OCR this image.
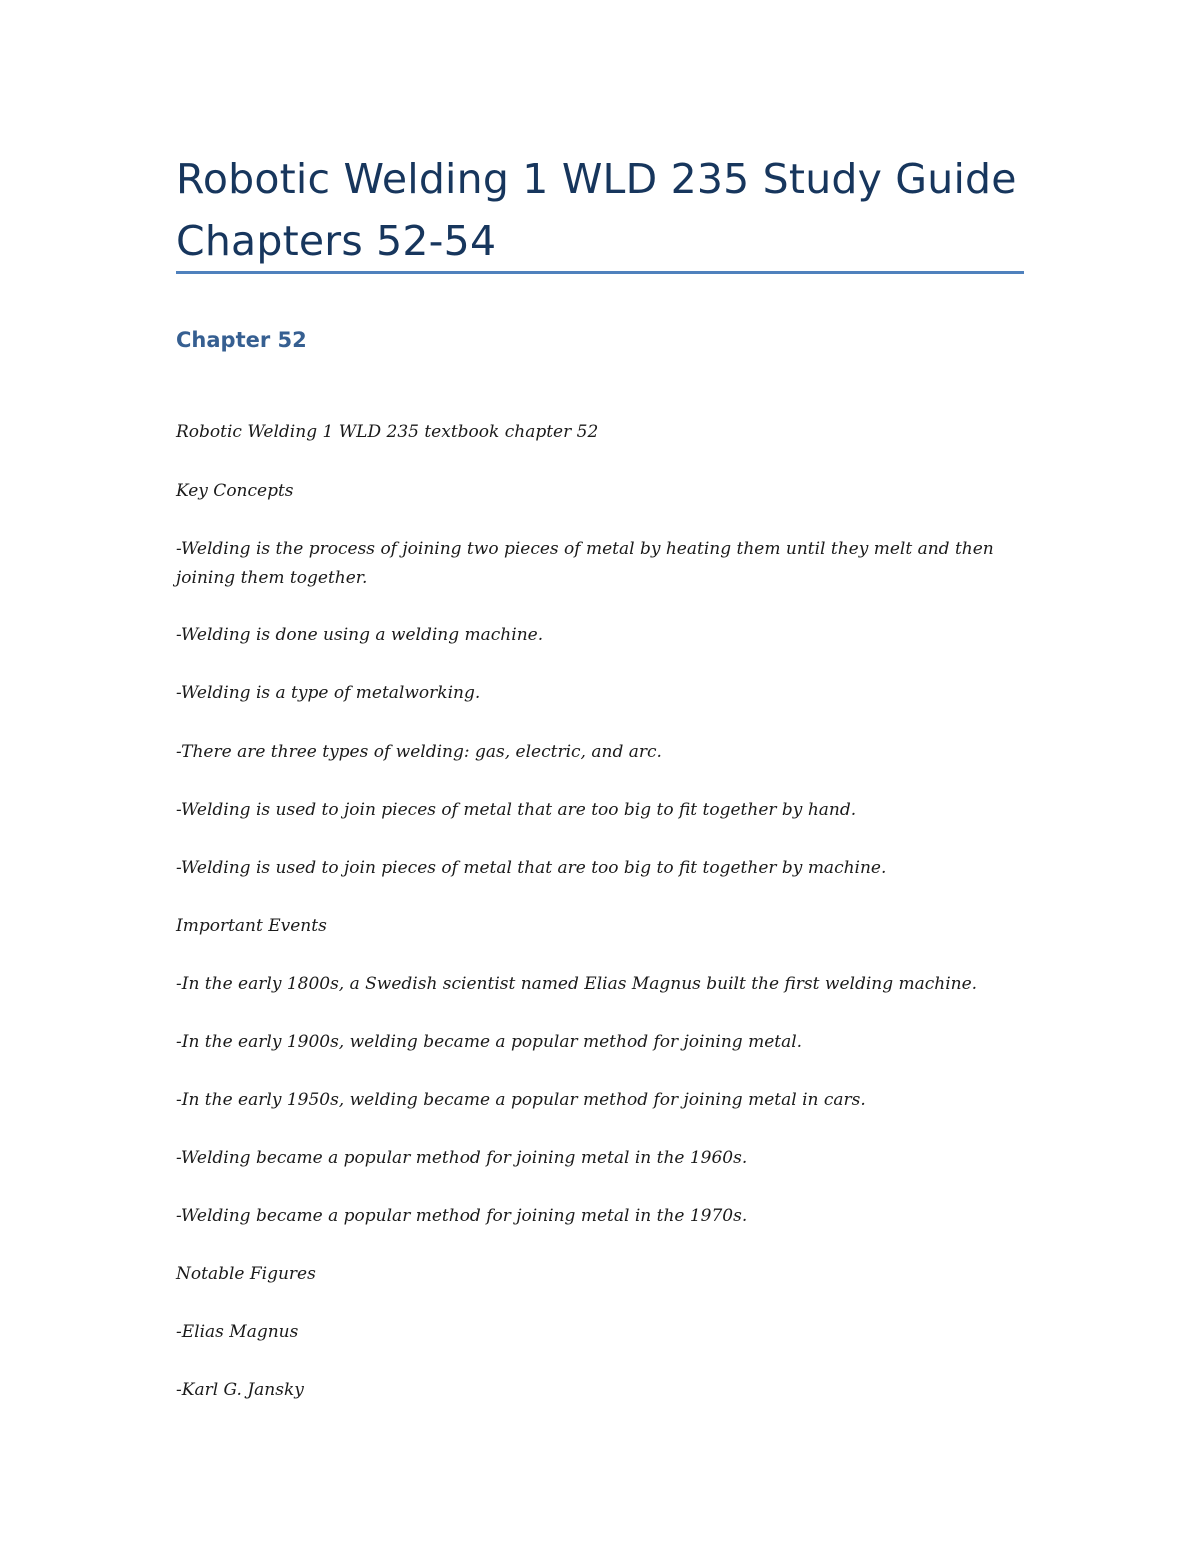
Robotic Welding 1 WLD 235 Study Guide Chapters 52-54
Chapter 52

Robotic Welding 1 WLD 235 textbook chapter 52

Key Concepts

-Welding is the process of joining two pieces of metal by heating them until they melt and then joining them together.

-Welding is done using a welding machine.

-Welding is a type of metalworking.

-There are three types of welding: gas, electric, and arc.

-Welding is used to join pieces of metal that are too big to fit together by hand.

-Welding is used to join pieces of metal that are too big to fit together by machine.

Important Events

-In the early 1800s, a Swedish scientist named Elias Magnus built the first welding machine.

-In the early 1900s, welding became a popular method for joining metal.

-In the early 1950s, welding became a popular method for joining metal in cars.

-Welding became a popular method for joining metal in the 1960s.

-Welding became a popular method for joining metal in the 1970s.

Notable Figures

-Elias Magnus

-Karl G. Jansky
